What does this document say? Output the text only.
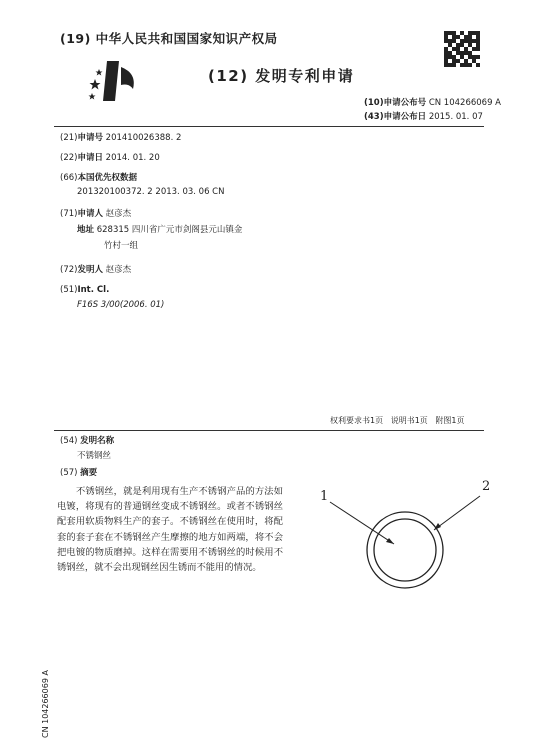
(19) 中华人民共和国国家知识产权局
(12) 发明专利申请
(10)申请公布号 CN 104266069 A
(43)申请公布日 2015. 01. 07
(21)申请号 201410026388. 2
(22)申请日 2014. 01. 20
(66)本国优先权数据
201320100372. 2 2013. 03. 06 CN
(71)申请人 赵彦杰
地址 628315 四川省广元市剑阁县元山镇金
竹村一组
(72)发明人 赵彦杰
(51)Int. Cl.
F16S 3/00(2006. 01)
权利要求书1页   说明书1页   附图1页
(54) 发明名称
不锈钢丝
(57) 摘要
不锈钢丝，就是利用现有生产不锈钢产品的方法如电镀，将现有的普通钢丝变成不锈钢丝。或者不锈钢丝配套用软质物料生产的套子。不锈钢丝在使用时，将配套的套子套在不锈钢丝产生摩擦的地方如两端，将不会把电镀的物质磨掉。这样在需要用不锈钢丝的时候用不锈钢丝，就不会出现钢丝因生锈而不能用的情况。
1
2
CN 104266069 A
